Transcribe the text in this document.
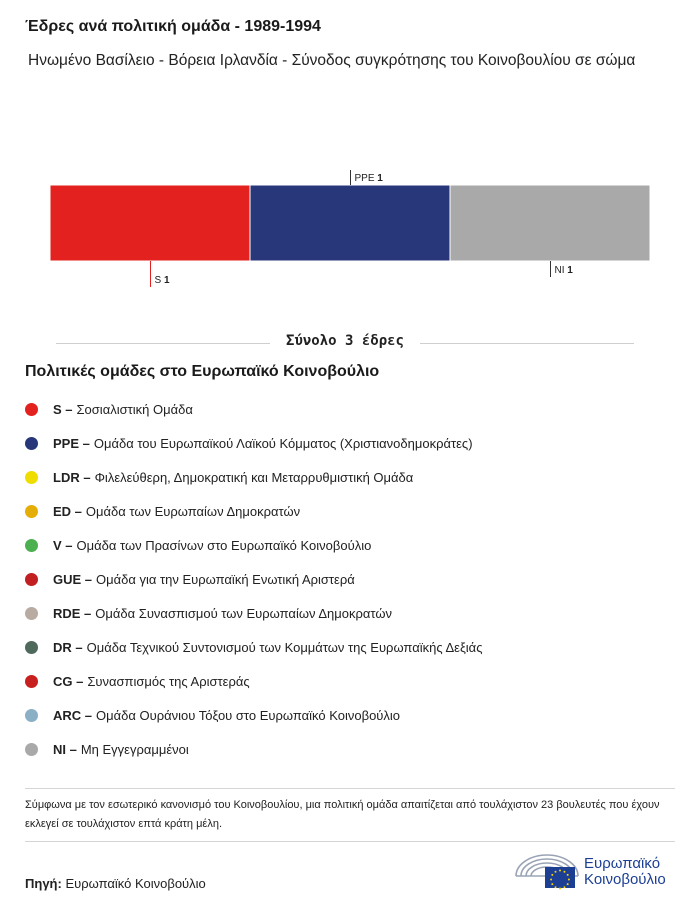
Έδρες ανά πολιτική ομάδα - 1989-1994
Ηνωμένο Βασίλειο - Βόρεια Ιρλανδία - Σύνοδος συγκρότησης του Κοινοβουλίου σε σώμα
S 1
PPE 1
NI 1
Σύνολο 3 έδρες
Πολιτικές ομάδες στο Ευρωπαϊκό Κοινοβούλιο
S – Σοσιαλιστική Ομάδα
PPE – Ομάδα του Ευρωπαϊκού Λαϊκού Κόμματος (Χριστιανοδημοκράτες)
LDR – Φιλελεύθερη, Δημοκρατική και Μεταρρυθμιστική Ομάδα
ED – Ομάδα των Ευρωπαίων Δημοκρατών
V – Ομάδα των Πρασίνων στο Ευρωπαϊκό Κοινοβούλιο
GUE – Ομάδα για την Ευρωπαϊκή Ενωτική Αριστερά
RDE – Ομάδα Συνασπισμού των Ευρωπαίων Δημοκρατών
DR – Ομάδα Τεχνικού Συντονισμού των Κομμάτων της Ευρωπαϊκής Δεξιάς
CG – Συνασπισμός της Αριστεράς
ARC – Ομάδα Ουράνιου Τόξου στο Ευρωπαϊκό Κοινοβούλιο
NI – Μη Εγγεγραμμένοι
Σύμφωνα με τον εσωτερικό κανονισμό του Κοινοβουλίου, μια πολιτική ομάδα απαιτίζεται από τουλάχιστον 23 βουλευτές που έχουν εκλεγεί σε τουλάχιστον επτά κράτη μέλη.
Πηγή: Ευρωπαϊκό Κοινοβούλιο
Ευρωπαϊκό
Κοινοβούλιο
